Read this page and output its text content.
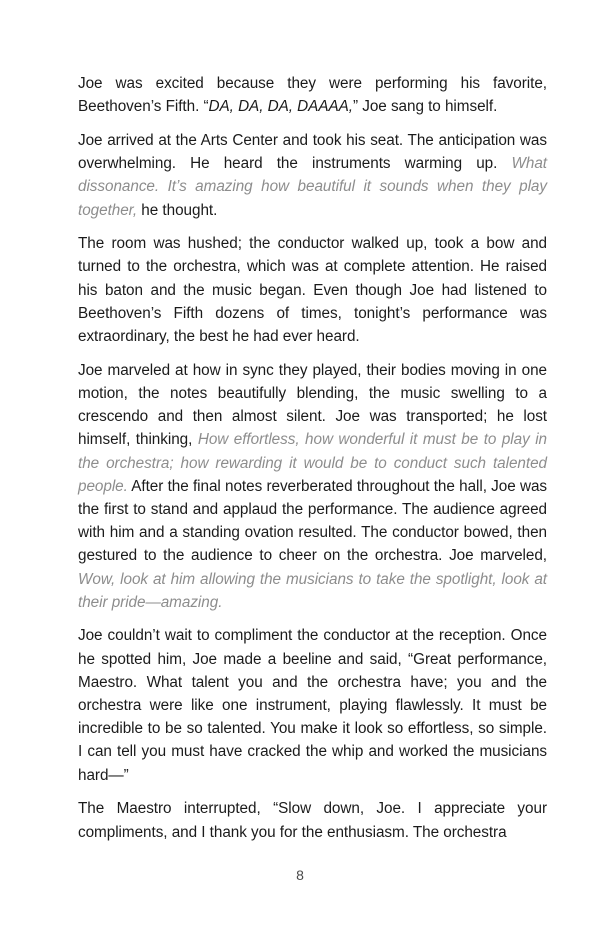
Joe was excited because they were performing his favorite, Beethoven’s Fifth. “DA, DA, DA, DAAAA,” Joe sang to himself.

Joe arrived at the Arts Center and took his seat. The anticipation was overwhelming. He heard the instruments warming up. What dissonance. It’s amazing how beautiful it sounds when they play together, he thought.

The room was hushed; the conductor walked up, took a bow and turned to the orchestra, which was at complete attention. He raised his baton and the music began. Even though Joe had listened to Beethoven’s Fifth dozens of times, tonight’s performance was extraordinary, the best he had ever heard.

Joe marveled at how in sync they played, their bodies moving in one motion, the notes beautifully blending, the music swelling to a crescendo and then almost silent. Joe was transported; he lost himself, thinking, How effortless, how wonderful it must be to play in the orchestra; how rewarding it would be to conduct such talented people. After the final notes reverberated throughout the hall, Joe was the first to stand and applaud the performance. The audience agreed with him and a standing ovation resulted. The conductor bowed, then gestured to the audience to cheer on the orchestra. Joe marveled, Wow, look at him allowing the musicians to take the spotlight, look at their pride—amazing.

Joe couldn’t wait to compliment the conductor at the reception. Once he spotted him, Joe made a beeline and said, “Great performance, Maestro. What talent you and the orchestra have; you and the orchestra were like one instrument, playing flawlessly. It must be incredible to be so talented. You make it look so effortless, so simple. I can tell you must have cracked the whip and worked the musicians hard—”

The Maestro interrupted, “Slow down, Joe. I appreciate your compliments, and I thank you for the enthusiasm. The orchestra

8
